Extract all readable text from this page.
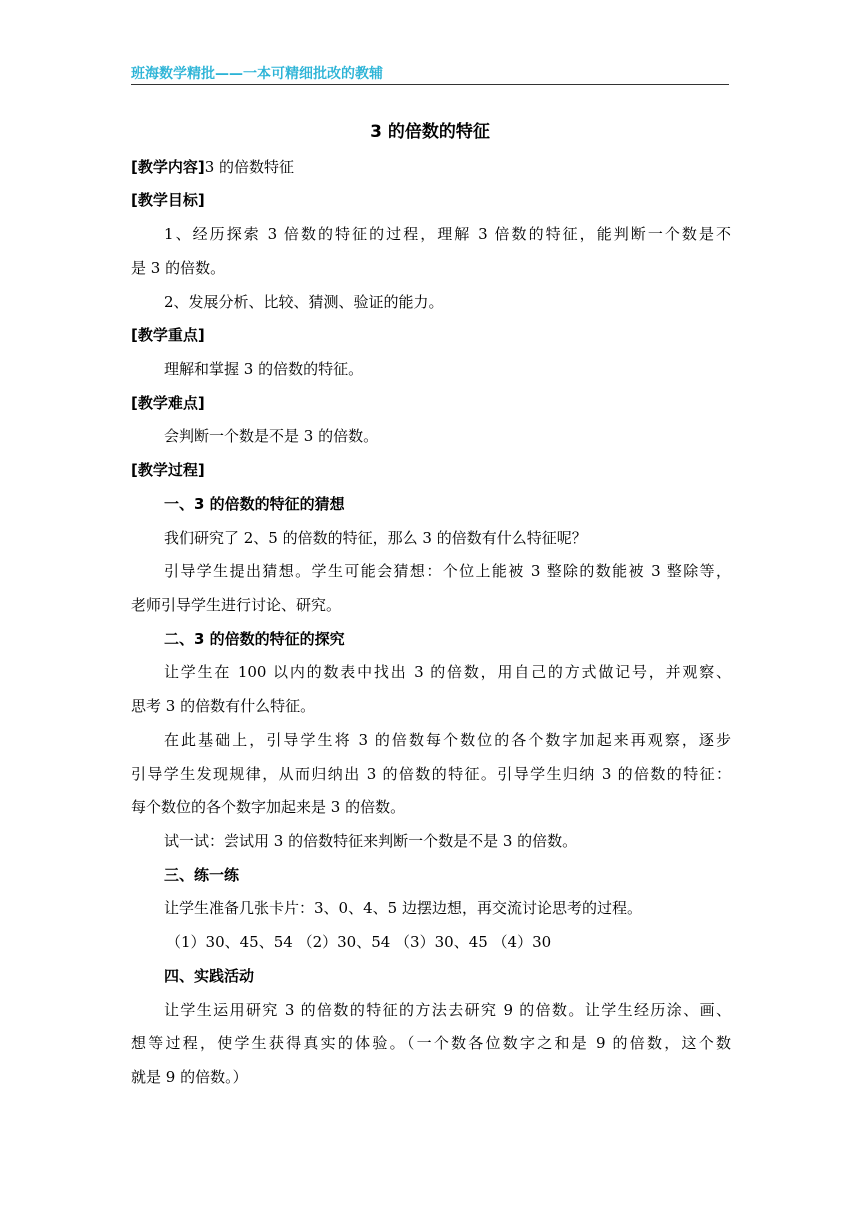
班海数学精批——一本可精细批改的教辅
3 的倍数的特征
[教学内容]3 的倍数特征
[教学目标]
1、经历探索 3 倍数的特征的过程，理解 3 倍数的特征，能判断一个数是不
是 3 的倍数。
2、发展分析、比较、猜测、验证的能力。
[教学重点]
理解和掌握 3 的倍数的特征。
[教学难点]
会判断一个数是不是 3 的倍数。
[教学过程]
一、3 的倍数的特征的猜想
我们研究了 2、5 的倍数的特征，那么 3 的倍数有什么特征呢？
引导学生提出猜想。学生可能会猜想：个位上能被 3 整除的数能被 3 整除等，
老师引导学生进行讨论、研究。
二、3 的倍数的特征的探究
让学生在 100 以内的数表中找出 3 的倍数，用自己的方式做记号，并观察、
思考 3 的倍数有什么特征。
在此基础上，引导学生将 3 的倍数每个数位的各个数字加起来再观察，逐步
引导学生发现规律，从而归纳出 3 的倍数的特征。引导学生归纳 3 的倍数的特征：
每个数位的各个数字加起来是 3 的倍数。
试一试：尝试用 3 的倍数特征来判断一个数是不是 3 的倍数。
三、练一练
让学生准备几张卡片：3、0、4、5 边摆边想，再交流讨论思考的过程。
（1）30、45、54 （2）30、54 （3）30、45 （4）30
四、实践活动
让学生运用研究 3 的倍数的特征的方法去研究 9 的倍数。让学生经历涂、画、
想等过程，使学生获得真实的体验。（一个数各位数字之和是 9 的倍数，这个数
就是 9 的倍数。）
